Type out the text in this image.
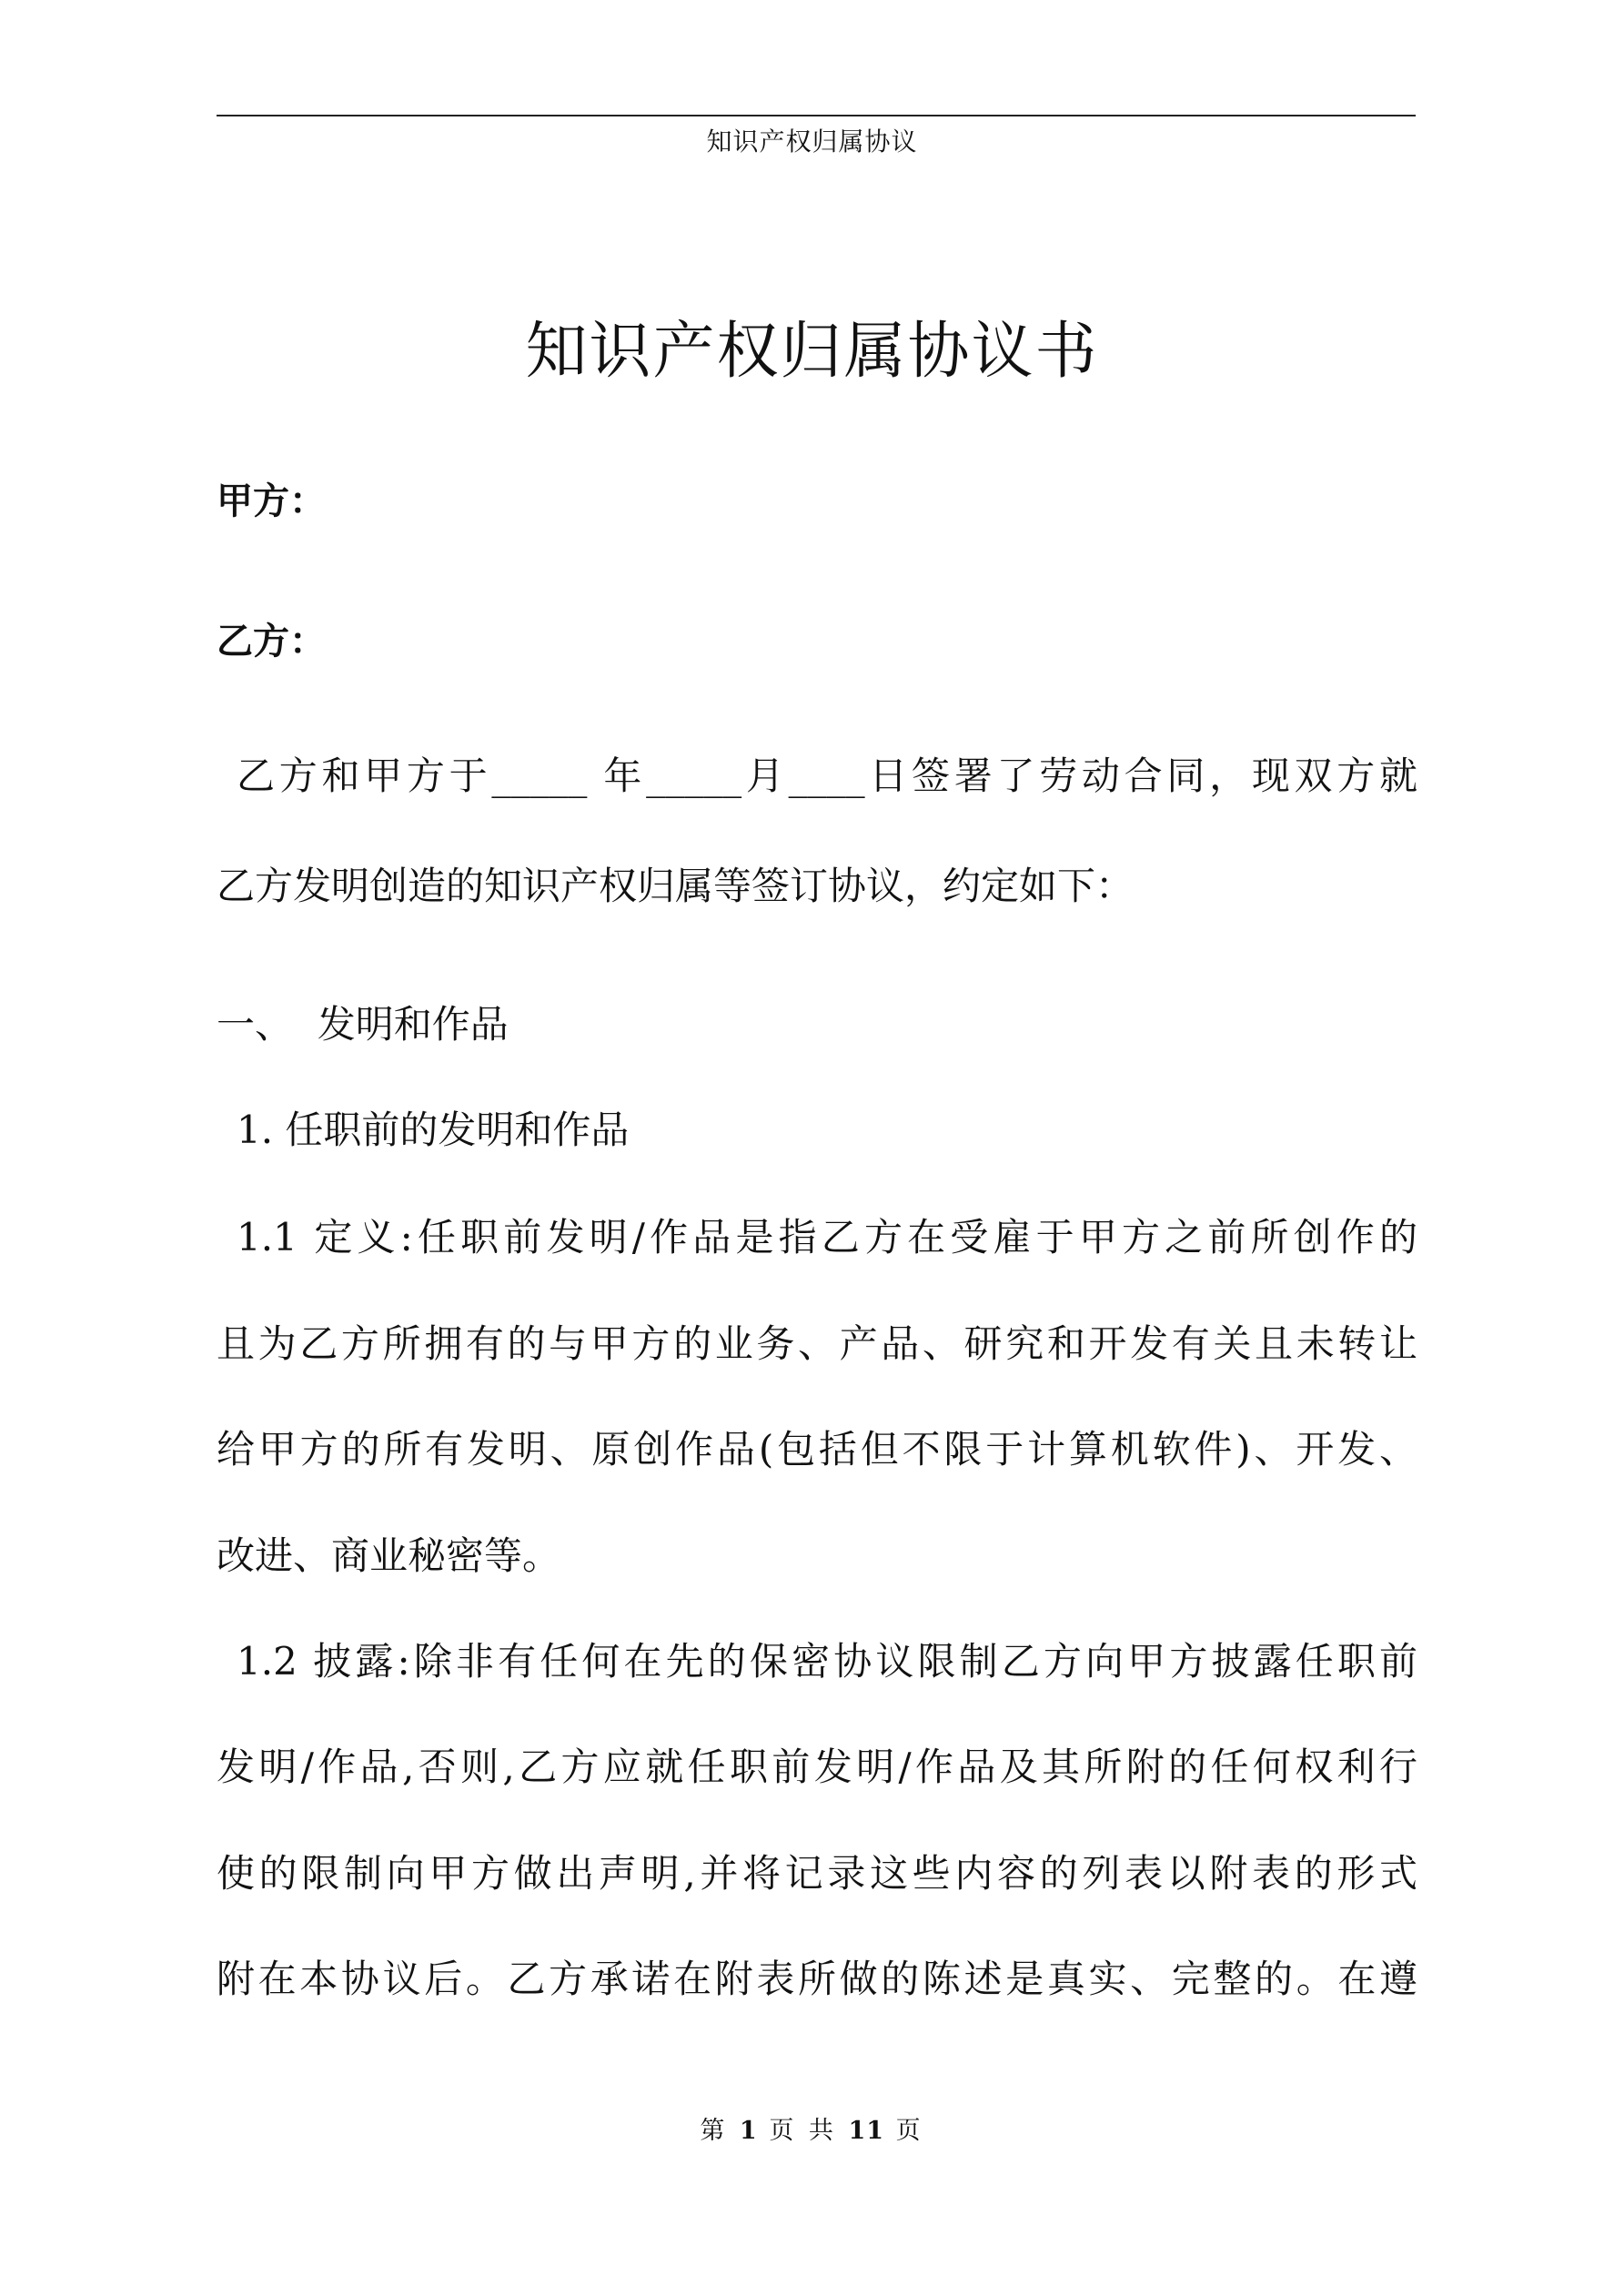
知识产权归属协议
知识产权归属协议书
甲方：
乙方：
乙方和甲方于_____ 年_____月____日签署了劳动合同，现双方就
乙方发明创造的知识产权归属等签订协议，约定如下：
一、  发明和作品
1. 任职前的发明和作品
1.1 定义:任职前发明/作品是指乙方在受雇于甲方之前所创作的
且为乙方所拥有的与甲方的业务、产品、研究和开发有关且未转让
给甲方的所有发明、原创作品(包括但不限于计算机软件)、开发、
改进、商业秘密等。
1.2 披露:除非有任何在先的保密协议限制乙方向甲方披露任职前
发明/作品,否则,乙方应就任职前发明/作品及其所附的任何权利行
使的限制向甲方做出声明,并将记录这些内容的列表以附表的形式
附在本协议后。乙方承诺在附表所做的陈述是真实、完整的。在遵
第 1 页 共 11 页
